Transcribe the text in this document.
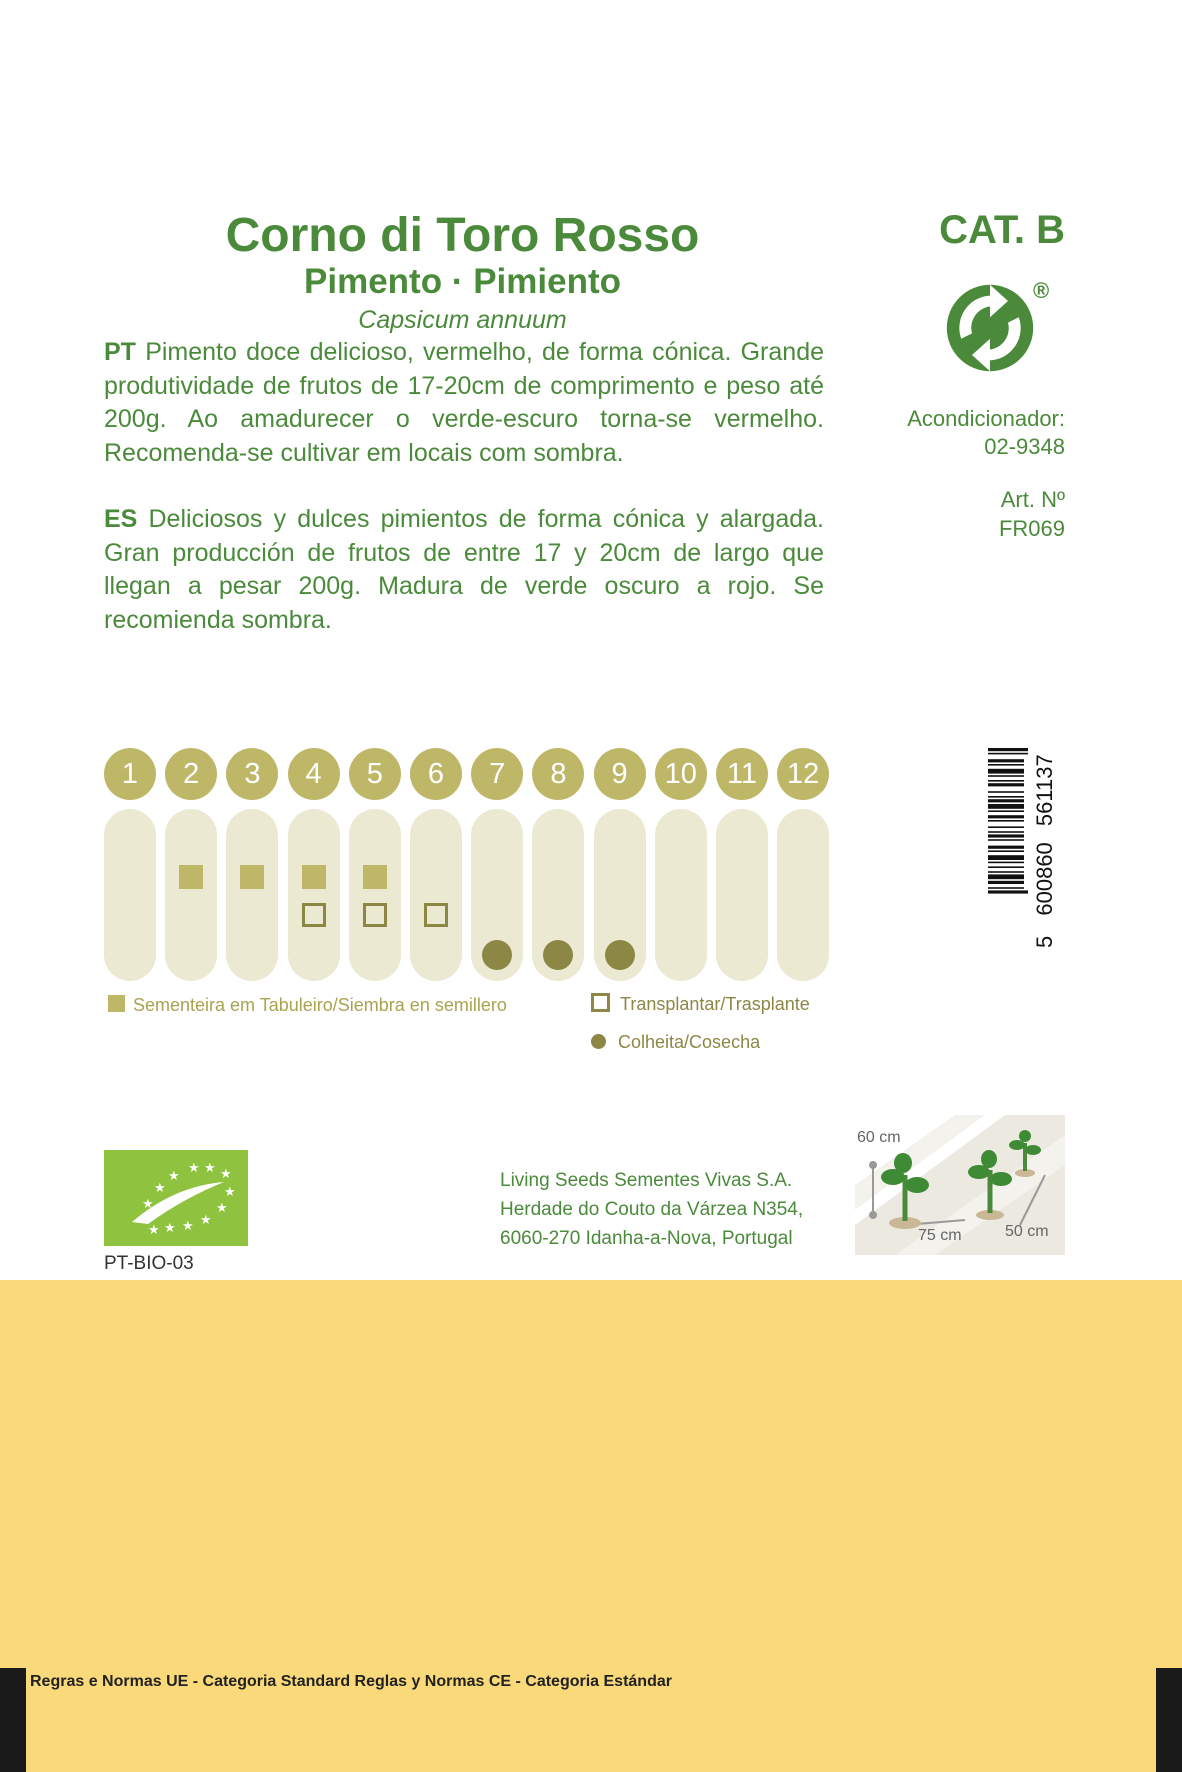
Corno di Toro Rosso
Pimento · Pimiento
Capsicum annuum
PT Pimento doce delicioso, vermelho, de forma cónica. Grande produtividade de frutos de 17-20cm de comprimento e peso até 200g. Ao amadurecer o verde-escuro torna-se vermelho. Recomenda-se cultivar em locais com sombra.
ES Deliciosos y dulces pimientos de forma cónica y alargada. Gran producción de frutos de entre 17 y 20cm de largo que llegan a pesar 200g. Madura de verde oscuro a rojo. Se recomienda sombra.
CAT. B
®
Acondicionador:
02-9348
Art. Nº
FR069
1	2	3	4	5	6	7	8	9	10	11	12
Sementeira em Tabuleiro/Siembra en semillero	Transplantar/Trasplante
Colheita/Cosecha
5 600860 561137
★ ★ ★
★
★
★
★
★
★
★
★
★
PT-BIO-03
Living Seeds Sementes Vivas S.A.
Herdade do Couto da Várzea N354,
6060-270 Idanha-a-Nova, Portugal
60 cm
75 cm	50 cm
Regras e Normas UE - Categoria Standard Reglas y Normas CE - Categoria Estándar
